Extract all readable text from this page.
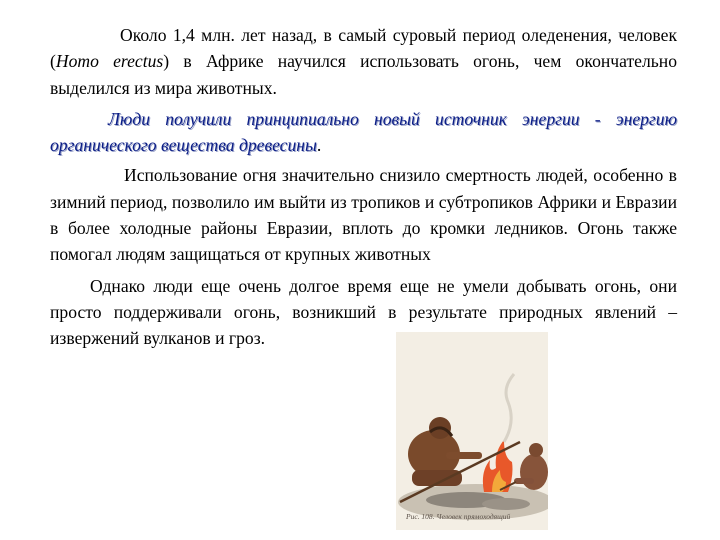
Около 1,4 млн. лет назад, в самый суровый период оледенения, человек (Homo erectus) в Африке научился использовать огонь, чем окончательно выделился из мира животных.

Люди получили принципиально новый источник энергии - энергию органического вещества древесины.

Использование огня значительно снизило смертность людей, особенно в зимний период, позволило им выйти из тропиков и субтропиков Африки и Евразии в более холодные районы Евразии, вплоть до кромки ледников. Огонь также помогал людям защищаться от крупных животных

Однако люди еще очень долгое время еще не умели добывать огонь, они просто поддерживали огонь, возникший в результате природных явлений – извержений вулканов и гроз.

Рис. 108. Человек прямоходящий
